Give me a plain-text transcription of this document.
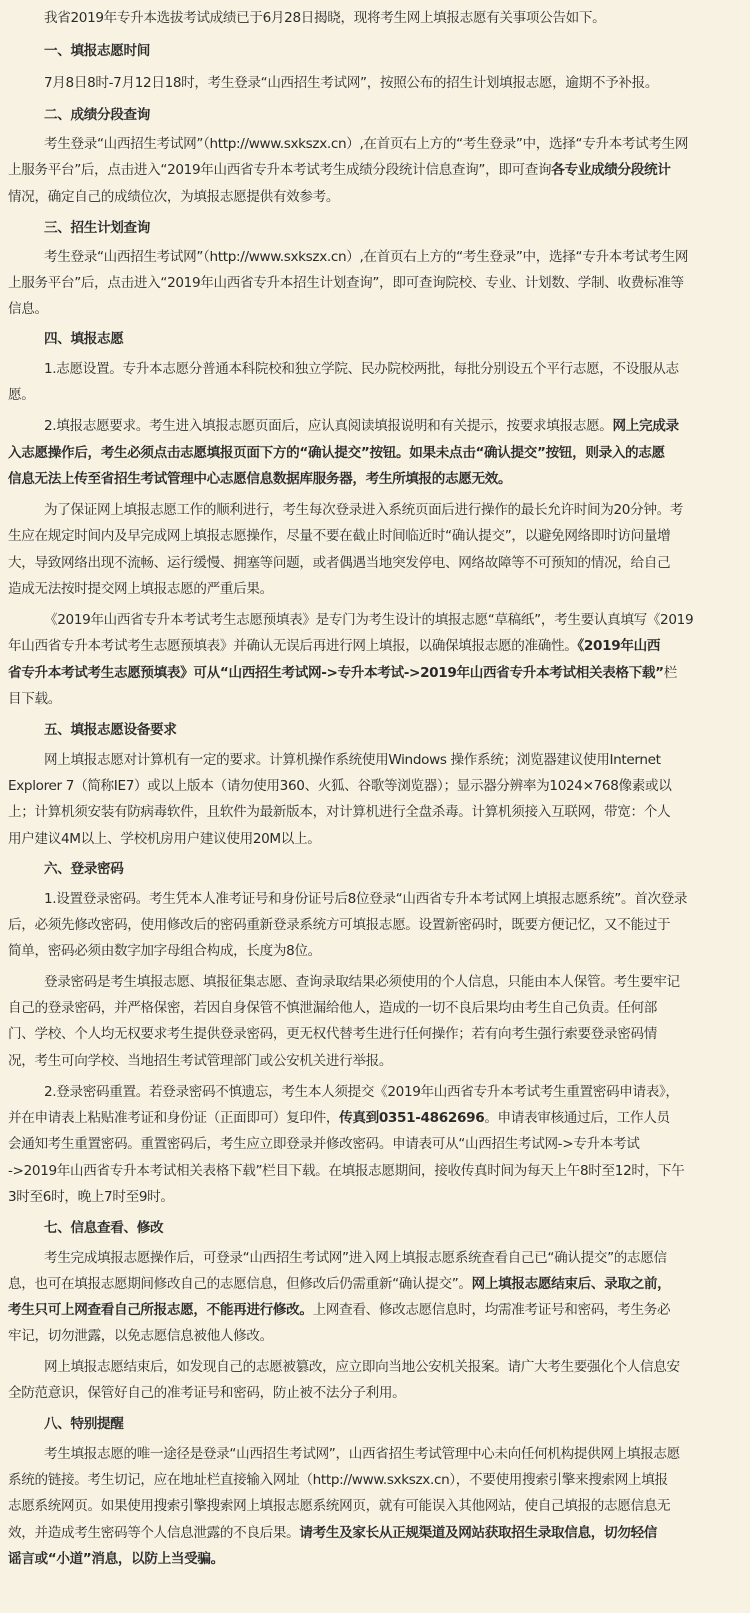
我省2019年专升本选拔考试成绩已于6月28日揭晓，现将考生网上填报志愿有关事项公告如下。
一、填报志愿时间
7月8日8时-7月12日18时，考生登录“山西招生考试网”，按照公布的招生计划填报志愿，逾期不予补报。
二、成绩分段查询
考生登录“山西招生考试网”（http://www.sxkszx.cn）,在首页右上方的“考生登录”中，选择“专升本考试考生网
上服务平台”后，点击进入“2019年山西省专升本考试考生成绩分段统计信息查询”，即可查询各专业成绩分段统计
情况，确定自己的成绩位次，为填报志愿提供有效参考。
三、招生计划查询
考生登录“山西招生考试网”（http://www.sxkszx.cn）,在首页右上方的“考生登录”中，选择“专升本考试考生网
上服务平台”后，点击进入“2019年山西省专升本招生计划查询”，即可查询院校、专业、计划数、学制、收费标准等
信息。
四、填报志愿
1.志愿设置。专升本志愿分普通本科院校和独立学院、民办院校两批，每批分别设五个平行志愿，不设服从志
愿。
2.填报志愿要求。考生进入填报志愿页面后，应认真阅读填报说明和有关提示，按要求填报志愿。网上完成录
入志愿操作后，考生必须点击志愿填报页面下方的“确认提交”按钮。如果未点击“确认提交”按钮，则录入的志愿
信息无法上传至省招生考试管理中心志愿信息数据库服务器，考生所填报的志愿无效。
为了保证网上填报志愿工作的顺利进行，考生每次登录进入系统页面后进行操作的最长允许时间为20分钟。考
生应在规定时间内及早完成网上填报志愿操作，尽量不要在截止时间临近时“确认提交”，以避免网络即时访问量增
大，导致网络出现不流畅、运行缓慢、拥塞等问题，或者偶遇当地突发停电、网络故障等不可预知的情况，给自己
造成无法按时提交网上填报志愿的严重后果。
《2019年山西省专升本考试考生志愿预填表》是专门为考生设计的填报志愿“草稿纸”，考生要认真填写《2019
年山西省专升本考试考生志愿预填表》并确认无误后再进行网上填报，以确保填报志愿的准确性。《2019年山西
省专升本考试考生志愿预填表》可从“山西招生考试网->专升本考试->2019年山西省专升本考试相关表格下载”栏
目下载。
五、填报志愿设备要求
网上填报志愿对计算机有一定的要求。计算机操作系统使用Windows 操作系统；浏览器建议使用Internet
Explorer 7（简称IE7）或以上版本（请勿使用360、火狐、谷歌等浏览器）；显示器分辨率为1024×768像素或以
上；计算机须安装有防病毒软件，且软件为最新版本，对计算机进行全盘杀毒。计算机须接入互联网，带宽：个人
用户建议4M以上、学校机房用户建议使用20M以上。
六、登录密码
1.设置登录密码。考生凭本人准考证号和身份证号后8位登录“山西省专升本考试网上填报志愿系统”。首次登录
后，必须先修改密码，使用修改后的密码重新登录系统方可填报志愿。设置新密码时，既要方便记忆，又不能过于
简单，密码必须由数字加字母组合构成，长度为8位。
登录密码是考生填报志愿、填报征集志愿、查询录取结果必须使用的个人信息，只能由本人保管。考生要牢记
自己的登录密码，并严格保密，若因自身保管不慎泄漏给他人，造成的一切不良后果均由考生自己负责。任何部
门、学校、个人均无权要求考生提供登录密码，更无权代替考生进行任何操作；若有向考生强行索要登录密码情
况，考生可向学校、当地招生考试管理部门或公安机关进行举报。
2.登录密码重置。若登录密码不慎遗忘，考生本人须提交《2019年山西省专升本考试考生重置密码申请表》，
并在申请表上粘贴准考证和身份证（正面即可）复印件，传真到0351-4862696。申请表审核通过后，工作人员
会通知考生重置密码。重置密码后，考生应立即登录并修改密码。申请表可从“山西招生考试网->专升本考试
->2019年山西省专升本考试相关表格下载”栏目下载。在填报志愿期间，接收传真时间为每天上午8时至12时，下午
3时至6时，晚上7时至9时。
七、信息查看、修改
考生完成填报志愿操作后，可登录“山西招生考试网”进入网上填报志愿系统查看自己已“确认提交”的志愿信
息，也可在填报志愿期间修改自己的志愿信息，但修改后仍需重新“确认提交”。网上填报志愿结束后、录取之前，
考生只可上网查看自己所报志愿，不能再进行修改。上网查看、修改志愿信息时，均需准考证号和密码，考生务必
牢记，切勿泄露，以免志愿信息被他人修改。
网上填报志愿结束后，如发现自己的志愿被篡改，应立即向当地公安机关报案。请广大考生要强化个人信息安
全防范意识，保管好自己的准考证号和密码，防止被不法分子利用。
八、特别提醒
考生填报志愿的唯一途径是登录“山西招生考试网”，山西省招生考试管理中心未向任何机构提供网上填报志愿
系统的链接。考生切记，应在地址栏直接输入网址（http://www.sxkszx.cn），不要使用搜索引擎来搜索网上填报
志愿系统网页。如果使用搜索引擎搜索网上填报志愿系统网页，就有可能误入其他网站，使自己填报的志愿信息无
效，并造成考生密码等个人信息泄露的不良后果。请考生及家长从正规渠道及网站获取招生录取信息，切勿轻信
谣言或“小道”消息，以防上当受骗。
